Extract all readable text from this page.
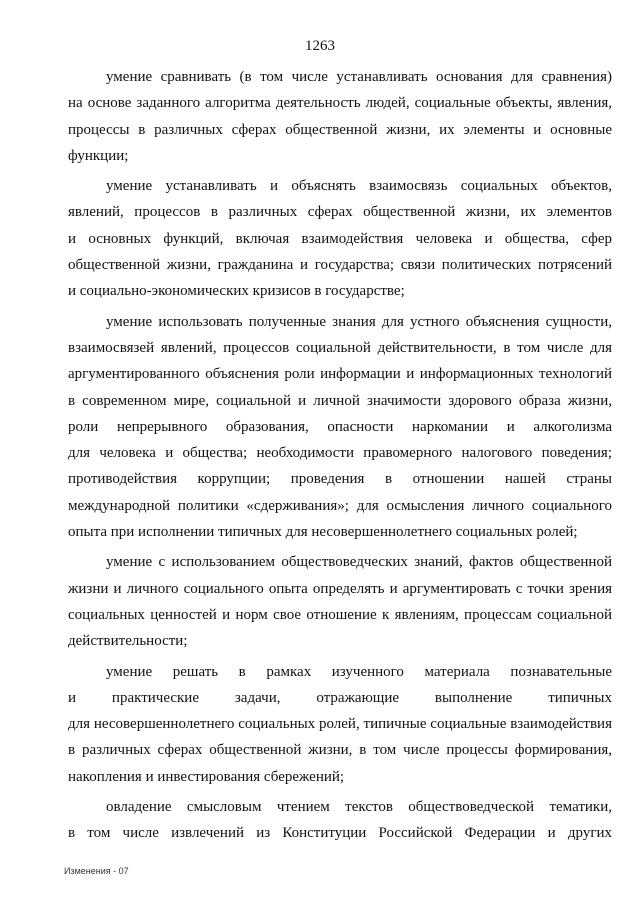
1263

умение сравнивать (в том числе устанавливать основания для сравнения)
на основе заданного алгоритма деятельность людей, социальные объекты, явления,
процессы в различных сферах общественной жизни, их элементы и основные
функции;

умение устанавливать и объяснять взаимосвязь социальных объектов,
явлений, процессов в различных сферах общественной жизни, их элементов
и основных функций, включая взаимодействия человека и общества, сфер
общественной жизни, гражданина и государства; связи политических потрясений
и социально-экономических кризисов в государстве;

умение использовать полученные знания для устного объяснения сущности,
взаимосвязей явлений, процессов социальной действительности, в том числе для
аргументированного объяснения роли информации и информационных технологий
в современном мире, социальной и личной значимости здорового образа жизни,
роли непрерывного образования, опасности наркомании и алкоголизма
для человека и общества; необходимости правомерного налогового поведения;
противодействия коррупции; проведения в отношении нашей страны
международной политики «сдерживания»; для осмысления личного социального
опыта при исполнении типичных для несовершеннолетнего социальных ролей;

умение с использованием обществоведческих знаний, фактов общественной
жизни и личного социального опыта определять и аргументировать с точки зрения
социальных ценностей и норм свое отношение к явлениям, процессам социальной
действительности;

умение решать в рамках изученного материала познавательные
и практические задачи, отражающие выполнение типичных
для несовершеннолетнего социальных ролей, типичные социальные взаимодействия
в различных сферах общественной жизни, в том числе процессы формирования,
накопления и инвестирования сбережений;

овладение смысловым чтением текстов обществоведческой тематики,
в том числе извлечений из Конституции Российской Федерации и других

Изменения - 07
